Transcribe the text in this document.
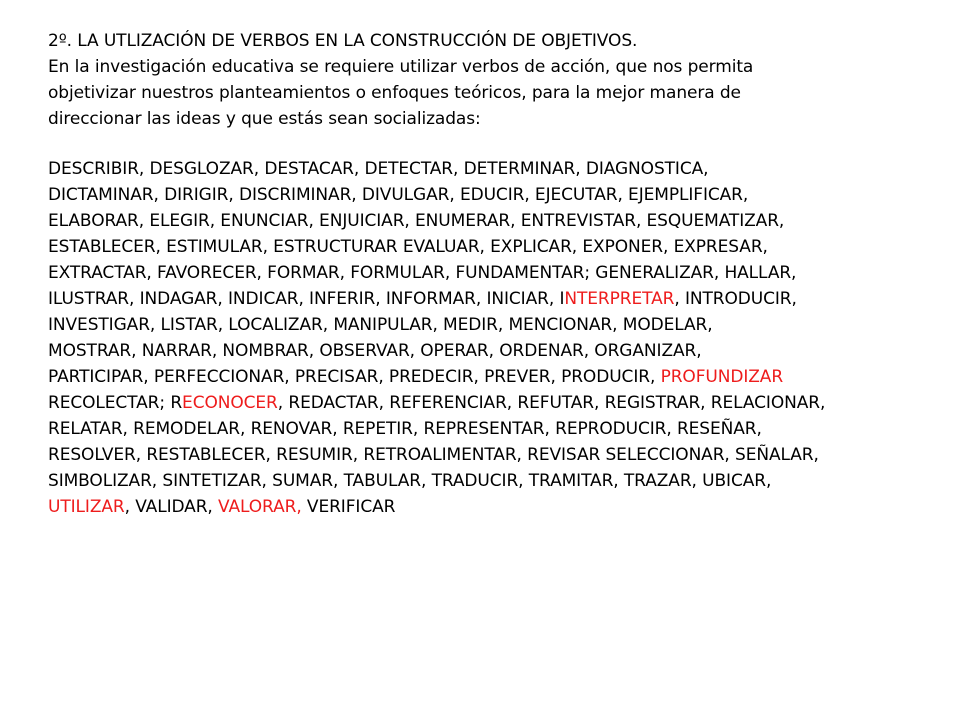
2º. LA UTLIZACIÓN DE VERBOS EN LA CONSTRUCCIÓN DE OBJETIVOS.
En la investigación educativa se requiere utilizar verbos de acción, que nos permita
objetivizar nuestros planteamientos o enfoques teóricos, para la mejor manera de
direccionar las ideas y que estás sean socializadas:
DESCRIBIR, DESGLOZAR, DESTACAR, DETECTAR, DETERMINAR, DIAGNOSTICA,
DICTAMINAR, DIRIGIR, DISCRIMINAR, DIVULGAR, EDUCIR, EJECUTAR, EJEMPLIFICAR,
ELABORAR, ELEGIR, ENUNCIAR, ENJUICIAR, ENUMERAR, ENTREVISTAR, ESQUEMATIZAR,
ESTABLECER, ESTIMULAR, ESTRUCTURAR EVALUAR, EXPLICAR, EXPONER, EXPRESAR,
EXTRACTAR, FAVORECER, FORMAR, FORMULAR, FUNDAMENTAR; GENERALIZAR, HALLAR,
ILUSTRAR, INDAGAR, INDICAR, INFERIR, INFORMAR, INICIAR, INTERPRETAR, INTRODUCIR,
INVESTIGAR, LISTAR, LOCALIZAR, MANIPULAR, MEDIR, MENCIONAR, MODELAR,
MOSTRAR, NARRAR, NOMBRAR, OBSERVAR, OPERAR, ORDENAR, ORGANIZAR,
PARTICIPAR, PERFECCIONAR, PRECISAR, PREDECIR, PREVER, PRODUCIR, PROFUNDIZAR
RECOLECTAR; RECONOCER, REDACTAR, REFERENCIAR, REFUTAR, REGISTRAR, RELACIONAR,
RELATAR, REMODELAR, RENOVAR, REPETIR, REPRESENTAR, REPRODUCIR, RESEÑAR,
RESOLVER, RESTABLECER, RESUMIR, RETROALIMENTAR, REVISAR SELECCIONAR, SEÑALAR,
SIMBOLIZAR, SINTETIZAR, SUMAR, TABULAR, TRADUCIR, TRAMITAR, TRAZAR, UBICAR,
UTILIZAR, VALIDAR, VALORAR, VERIFICAR
